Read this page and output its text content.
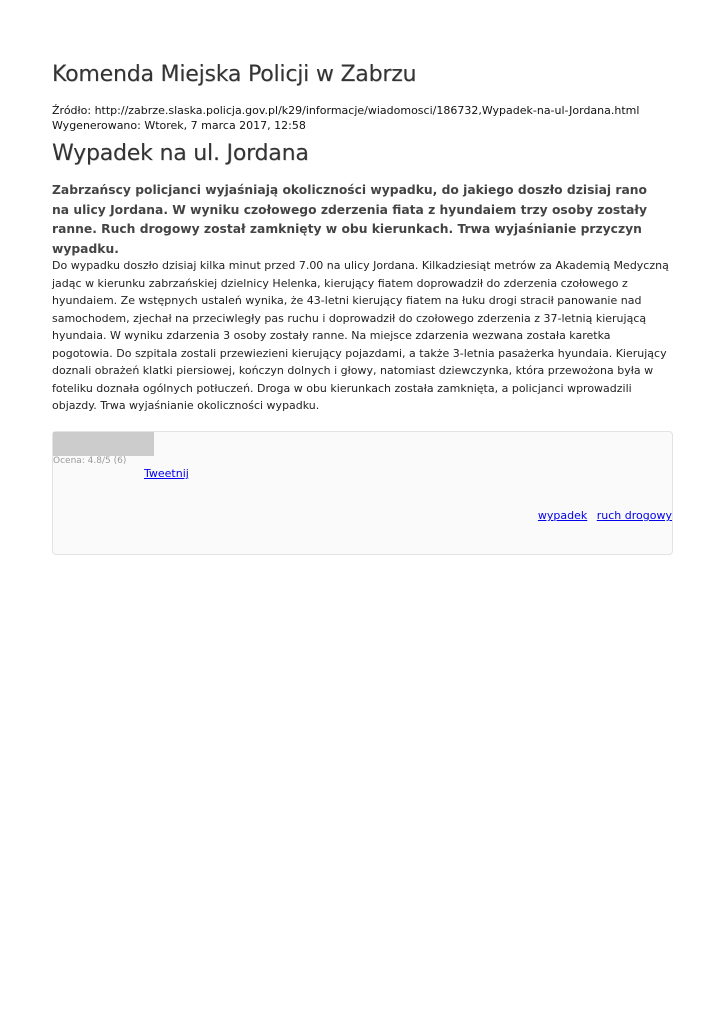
Komenda Miejska Policji w Zabrzu
Źródło: http://zabrze.slaska.policja.gov.pl/k29/informacje/wiadomosci/186732,Wypadek-na-ul-Jordana.html
Wygenerowano: Wtorek, 7 marca 2017, 12:58
Wypadek na ul. Jordana

Zabrzańscy policjanci wyjaśniają okoliczności wypadku, do jakiego doszło dzisiaj rano na ulicy Jordana. W wyniku czołowego zderzenia fiata z hyundaiem trzy osoby zostały ranne. Ruch drogowy został zamknięty w obu kierunkach. Trwa wyjaśnianie przyczyn wypadku.

Do wypadku doszło dzisiaj kilka minut przed 7.00 na ulicy Jordana. Kilkadziesiąt metrów za Akademią Medyczną jadąc w kierunku zabrzańskiej dzielnicy Helenka, kierujący fiatem doprowadził do zderzenia czołowego z hyundaiem. Ze wstępnych ustaleń wynika, że 43-letni kierujący fiatem na łuku drogi stracił panowanie nad samochodem, zjechał na przeciwległy pas ruchu i doprowadził do czołowego zderzenia z 37-letnią kierującą hyundaia. W wyniku zdarzenia 3 osoby zostały ranne. Na miejsce zdarzenia wezwana została karetka pogotowia. Do szpitala zostali przewiezieni kierujący pojazdami, a także 3-letnia pasażerka hyundaia. Kierujący doznali obrażeń klatki piersiowej, kończyn dolnych i głowy, natomiast dziewczynka, która przewożona była w foteliku doznała ogólnych potłuczeń. Droga w obu kierunkach została zamknięta, a policjanci wprowadzili objazdy. Trwa wyjaśnianie okoliczności wypadku.

Ocena: 4.8/5 (6)
Tweetnij
wypadek ruch drogowy
